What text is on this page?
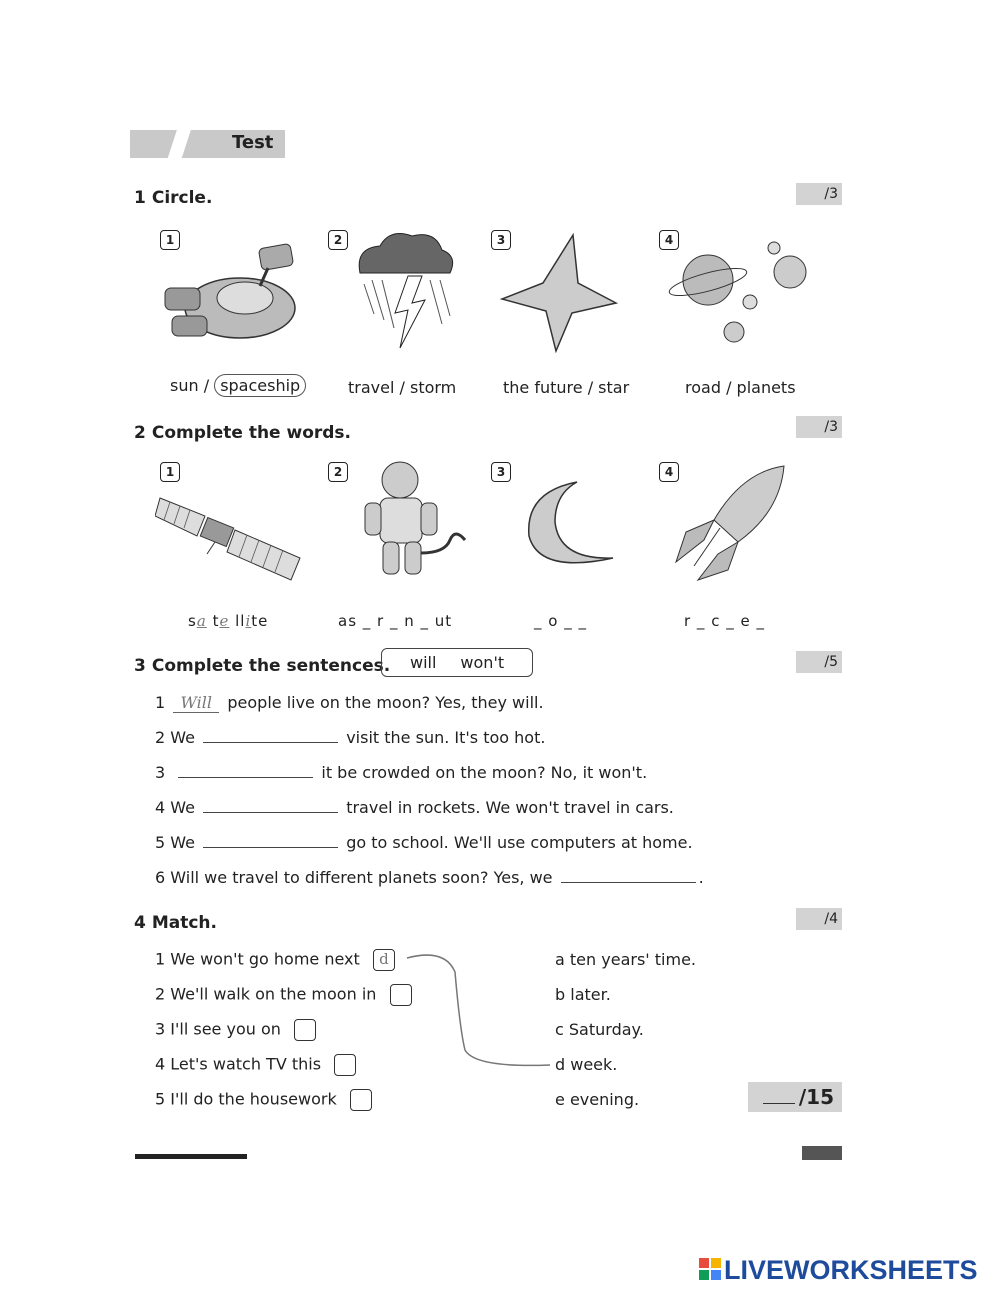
Test
1 Circle.	/3
1	2	3	4
sun / spaceship	travel / storm	the future / star	road / planets
2 Complete the words.	/3
1	2	3	4
sa te llite	as _ r _ n _ ut	_ o _ _	r _ c _ e _
3 Complete the sentences.	will won't	/5
1 Will people live on the moon? Yes, they will.
2 We	visit the sun. It's too hot.
3	it be crowded on the moon? No, it won't.
4 We	travel in rockets. We won't travel in cars.
5 We	go to school. We'll use computers at home.
6 Will we travel to different planets soon? Yes, we	.
4 Match.	/4
1 We won't go home next d
2 We'll walk on the moon in
3 I'll see you on
4 Let's watch TV this
5 I'll do the housework
a ten years' time.
b later.
c Saturday.
d week.
e evening.	/15
LIVEWORKSHEETS
